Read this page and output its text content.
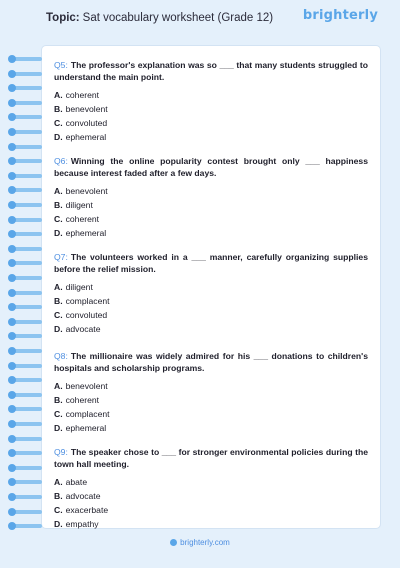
Topic: Sat vocabulary worksheet (Grade 12) brighterly
Q5: The professor's explanation was so ___ that many students struggled to understand the main point.
A. coherent
B. benevolent
C. convoluted
D. ephemeral
Q6: Winning the online popularity contest brought only ___ happiness because interest faded after a few days.
A. benevolent
B. diligent
C. coherent
D. ephemeral
Q7: The volunteers worked in a ___ manner, carefully organizing supplies before the relief mission.
A. diligent
B. complacent
C. convoluted
D. advocate
Q8: The millionaire was widely admired for his ___ donations to children's hospitals and scholarship programs.
A. benevolent
B. coherent
C. complacent
D. ephemeral
Q9: The speaker chose to ___ for stronger environmental policies during the town hall meeting.
A. abate
B. advocate
C. exacerbate
D. empathy
brighterly.com
